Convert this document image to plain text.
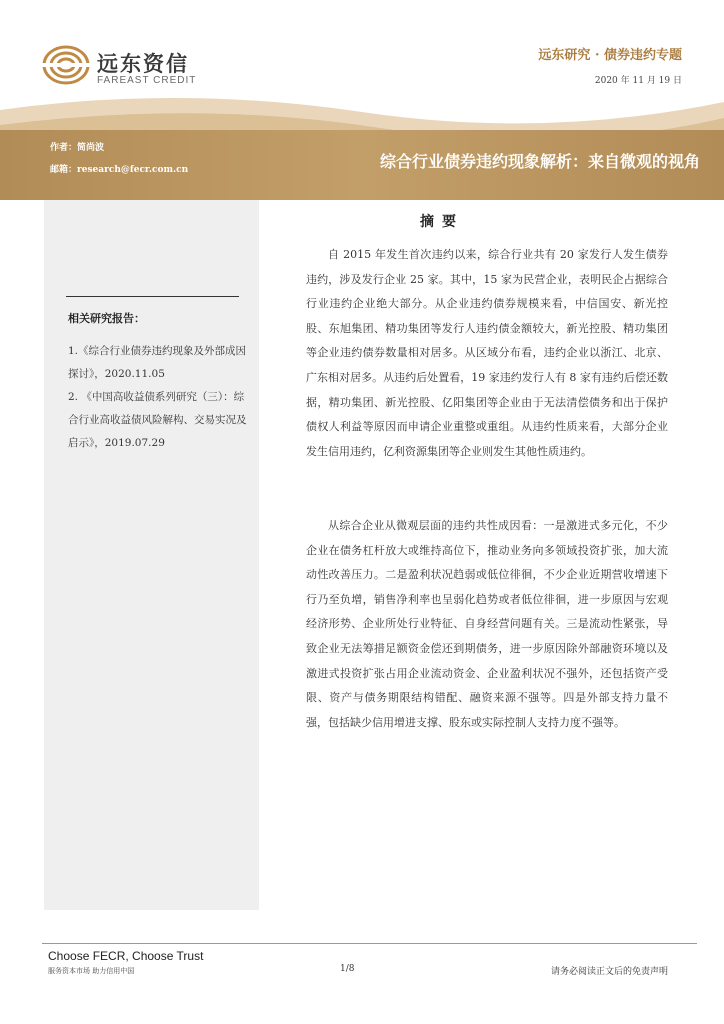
远东资信
FAREAST CREDIT
远东研究 · 债券违约专题
2020 年 11 月 19 日
作者：简尚波
邮箱：research@fecr.com.cn	综合行业债券违约现象解析：来自微观的视角
相关研究报告：

1.《综合行业债券违约现象及外部成因探讨》，2020.11.05

2. 《中国高收益债系列研究（三）：综合行业高收益债风险解构、交易实况及启示》，2019.07.29

摘要

自 2015 年发生首次违约以来，综合行业共有 20 家发行人发生债券违约，涉及发行企业 25 家。其中，15 家为民营企业，表明民企占据综合行业违约企业绝大部分。从企业违约债券规模来看，中信国安、新光控股、东旭集团、精功集团等发行人违约债金额较大，新光控股、精功集团等企业违约债券数量相对居多。从区域分布看，违约企业以浙江、北京、广东相对居多。从违约后处置看，19 家违约发行人有 8 家有违约后偿还数据，精功集团、新光控股、亿阳集团等企业由于无法清偿债务和出于保护债权人利益等原因而申请企业重整或重组。从违约性质来看，大部分企业发生信用违约，亿利资源集团等企业则发生其他性质违约。

从综合企业从微观层面的违约共性成因看：一是激进式多元化，不少企业在债务杠杆放大或维持高位下，推动业务向多领域投资扩张，加大流动性改善压力。二是盈利状况趋弱或低位徘徊，不少企业近期营收增速下行乃至负增，销售净利率也呈弱化趋势或者低位徘徊，进一步原因与宏观经济形势、企业所处行业特征、自身经营问题有关。三是流动性紧张，导致企业无法筹措足额资金偿还到期债务，进一步原因除外部融资环境以及激进式投资扩张占用企业流动资金、企业盈利状况不强外，还包括资产受限、资产与债务期限结构错配、融资来源不强等。四是外部支持力量不强，包括缺少信用增进支撑、股东或实际控制人支持力度不强等。

Choose FECR, Choose Trust
服务资本市场 助力信用中国	1/8	请务必阅读正文后的免责声明
